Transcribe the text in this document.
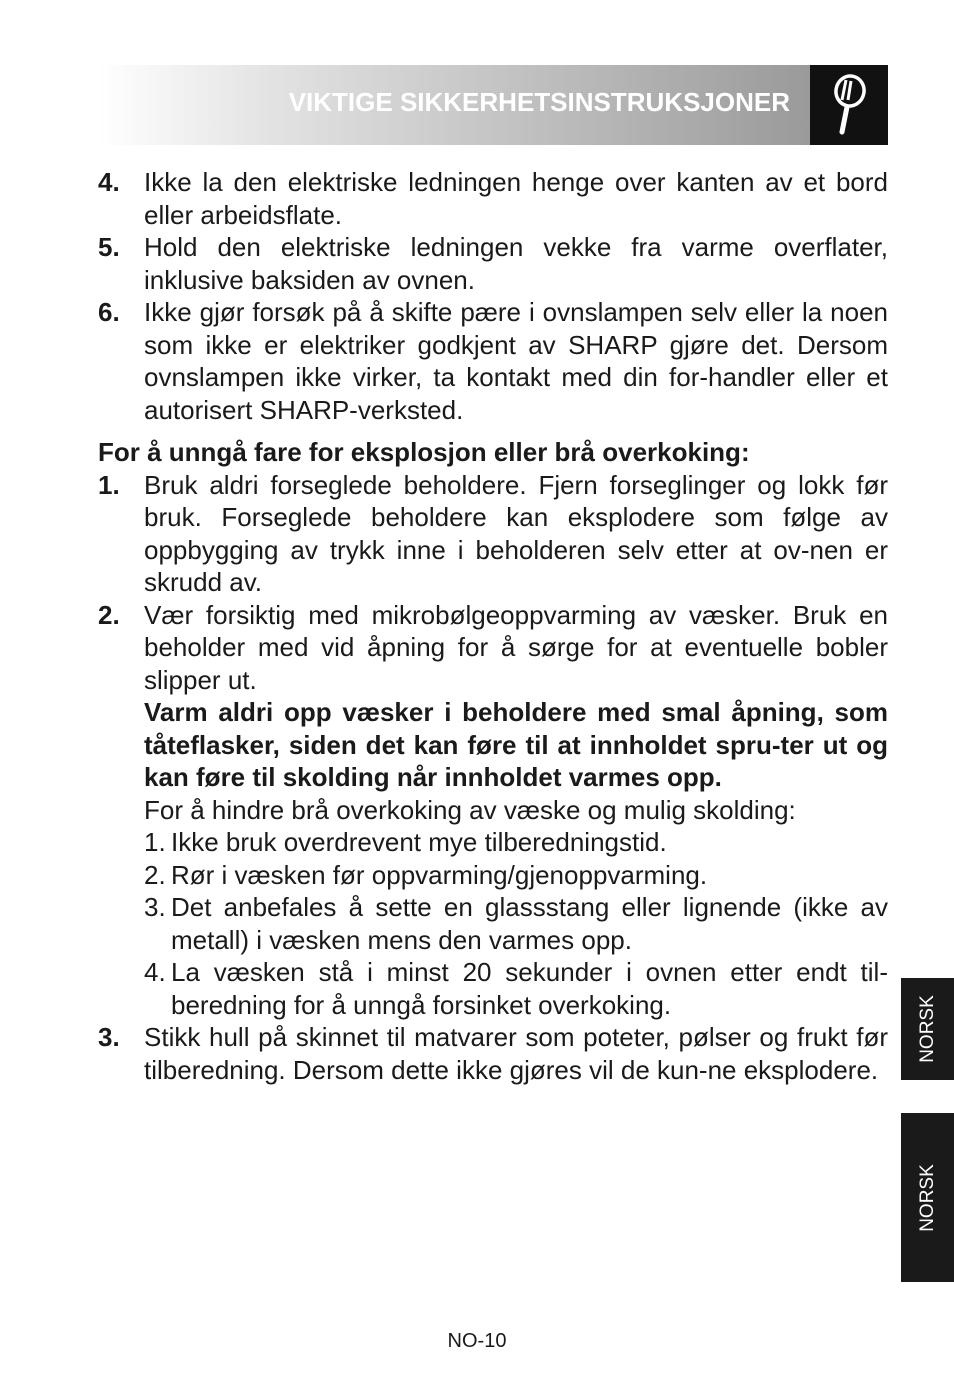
VIKTIGE SIKKERHETSINSTRUKSJONER
4. Ikke la den elektriske ledningen henge over kanten av et bord eller arbeidsflate.
5. Hold den elektriske ledningen vekke fra varme overflater, inklusive baksiden av ovnen.
6. Ikke gjør forsøk på å skifte pære i ovnslampen selv eller la noen som ikke er elektriker godkjent av SHARP gjøre det. Dersom ovnslampen ikke virker, ta kontakt med din for-handler eller et autorisert SHARP-verksted.
For å unngå fare for eksplosjon eller brå overkoking:
1. Bruk aldri forseglede beholdere. Fjern forseglinger og lokk før bruk. Forseglede beholdere kan eksplodere som følge av oppbygging av trykk inne i beholderen selv etter at ov-nen er skrudd av.
2. Vær forsiktig med mikrobølgeoppvarming av væsker. Bruk en beholder med vid åpning for å sørge for at eventuelle bobler slipper ut.
Varm aldri opp væsker i beholdere med smal åpning, som tåteflasker, siden det kan føre til at innholdet spru-ter ut og kan føre til skolding når innholdet varmes opp.
For å hindre brå overkoking av væske og mulig skolding:
1. Ikke bruk overdrevent mye tilberedningstid.
2. Rør i væsken før oppvarming/gjenoppvarming.
3. Det anbefales å sette en glassstang eller lignende (ikke av metall) i væsken mens den varmes opp.
4. La væsken stå i minst 20 sekunder i ovnen etter endt til-beredning for å unngå forsinket overkoking.
3. Stikk hull på skinnet til matvarer som poteter, pølser og frukt før tilberedning. Dersom dette ikke gjøres vil de kun-ne eksplodere.
NORSK
NORSK
NO-10
